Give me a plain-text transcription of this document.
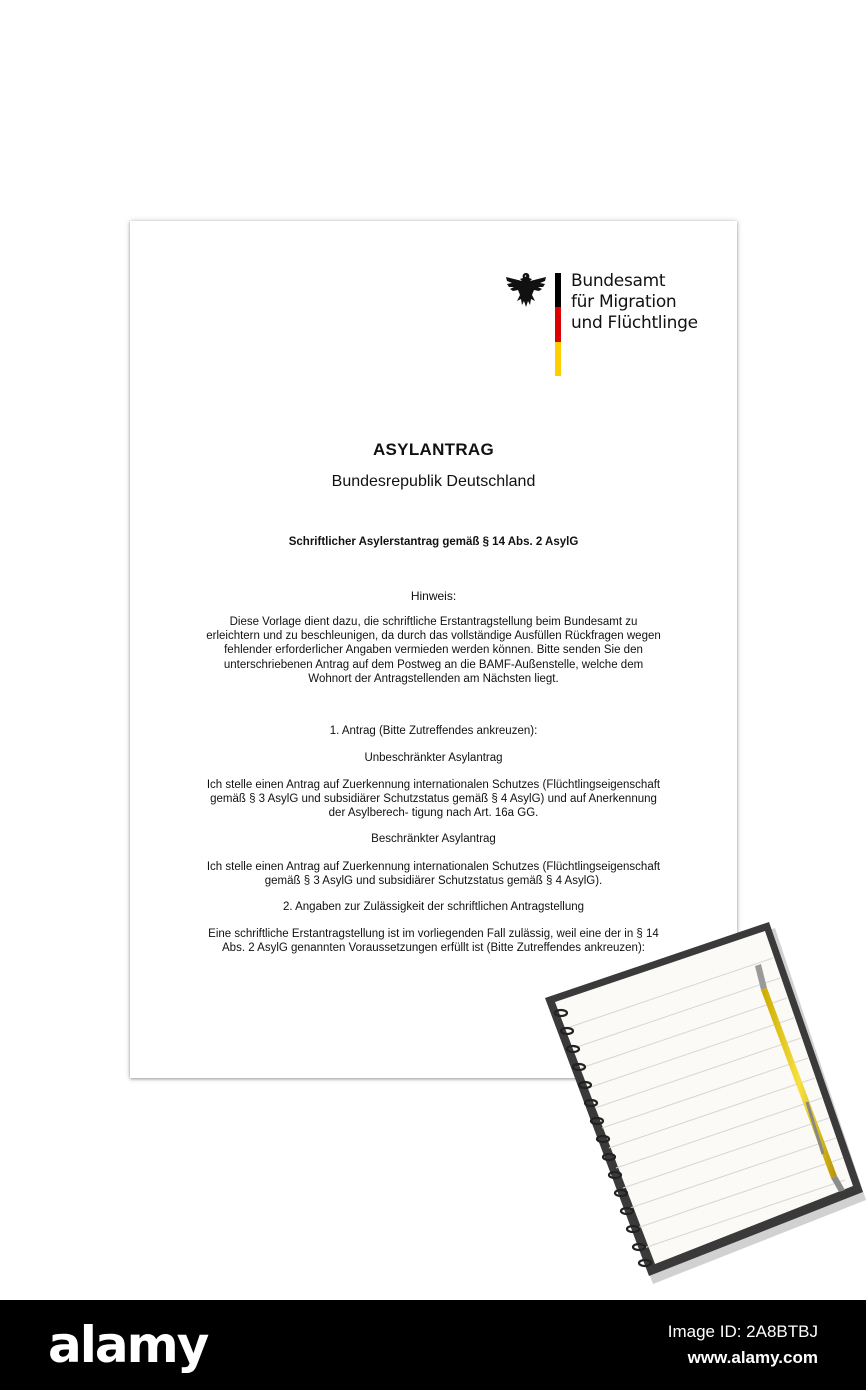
Bundesamt
für Migration
und Flüchtlinge
ASYLANTRAG
Bundesrepublik Deutschland
Schriftlicher Asylerstantrag gemäß § 14 Abs. 2 AsylG
Hinweis:
Diese Vorlage dient dazu, die schriftliche Erstantragstellung beim Bundesamt zu
erleichtern und zu beschleunigen, da durch das vollständige Ausfüllen Rückfragen wegen
fehlender erforderlicher Angaben vermieden werden können. Bitte senden Sie den
unterschriebenen Antrag auf dem Postweg an die BAMF-Außenstelle, welche dem
Wohnort der Antragstellenden am Nächsten liegt.
1. Antrag (Bitte Zutreffendes ankreuzen):
Unbeschränkter Asylantrag
Ich stelle einen Antrag auf Zuerkennung internationalen Schutzes (Flüchtlingseigenschaft
gemäß § 3 AsylG und subsidiärer Schutzstatus gemäß § 4 AsylG) und auf Anerkennung
der Asylberech- tigung nach Art. 16a GG.
Beschränkter Asylantrag
Ich stelle einen Antrag auf Zuerkennung internationalen Schutzes (Flüchtlingseigenschaft
gemäß § 3 AsylG und subsidiärer Schutzstatus gemäß § 4 AsylG).
2. Angaben zur Zulässigkeit der schriftlichen Antragstellung
Eine schriftliche Erstantragstellung ist im vorliegenden Fall zulässig, weil eine der in § 14
Abs. 2 AsylG genannten Voraussetzungen erfüllt ist (Bitte Zutreffendes ankreuzen):
alamy	Image ID: 2A8BTBJ
www.alamy.com
